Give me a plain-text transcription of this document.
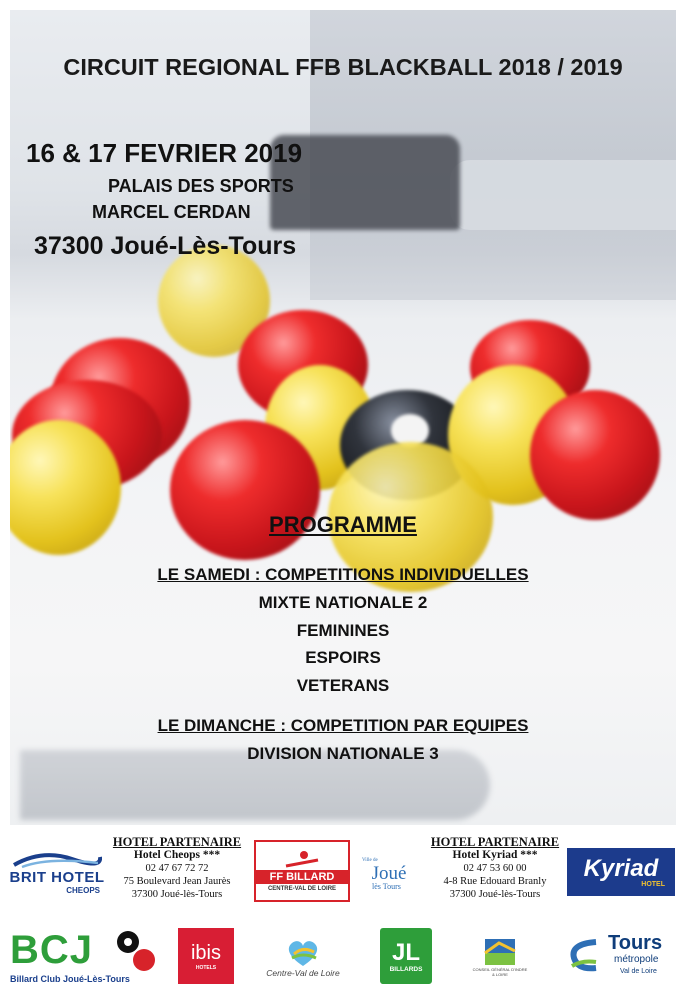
CIRCUIT REGIONAL FFB BLACKBALL 2018 / 2019
16 & 17 FEVRIER 2019
PALAIS DES SPORTS
MARCEL CERDAN
37300 Joué-Lès-Tours
PROGRAMME
LE SAMEDI : COMPETITIONS INDIVIDUELLES
MIXTE NATIONALE 2
FEMININES
ESPOIRS
VETERANS
LE DIMANCHE : COMPETITION PAR EQUIPES
DIVISION NATIONALE 3
BRIT HOTEL
CHEOPS
HOTEL PARTENAIRE
Hotel Cheops ***
02 47 67 72 72
75 Boulevard Jean Jaurès
37300 Joué-lès-Tours
FF BILLARD
CENTRE-VAL DE LOIRE
Ville de
Joué
lès Tours
HOTEL PARTENAIRE
Hotel Kyriad ***
02 47 53 60 00
4-8 Rue Edouard Branly
37300 Joué-lès-Tours
Kyriad
HOTEL
BCJ
Billard Club Joué-Lès-Tours
ibis
HOTELS
Centre-Val de Loire
JL
BILLARDS	CONSEIL GÉNÉRAL D'INDRE & LOIRE
Tours
métropole
Val de Loire
